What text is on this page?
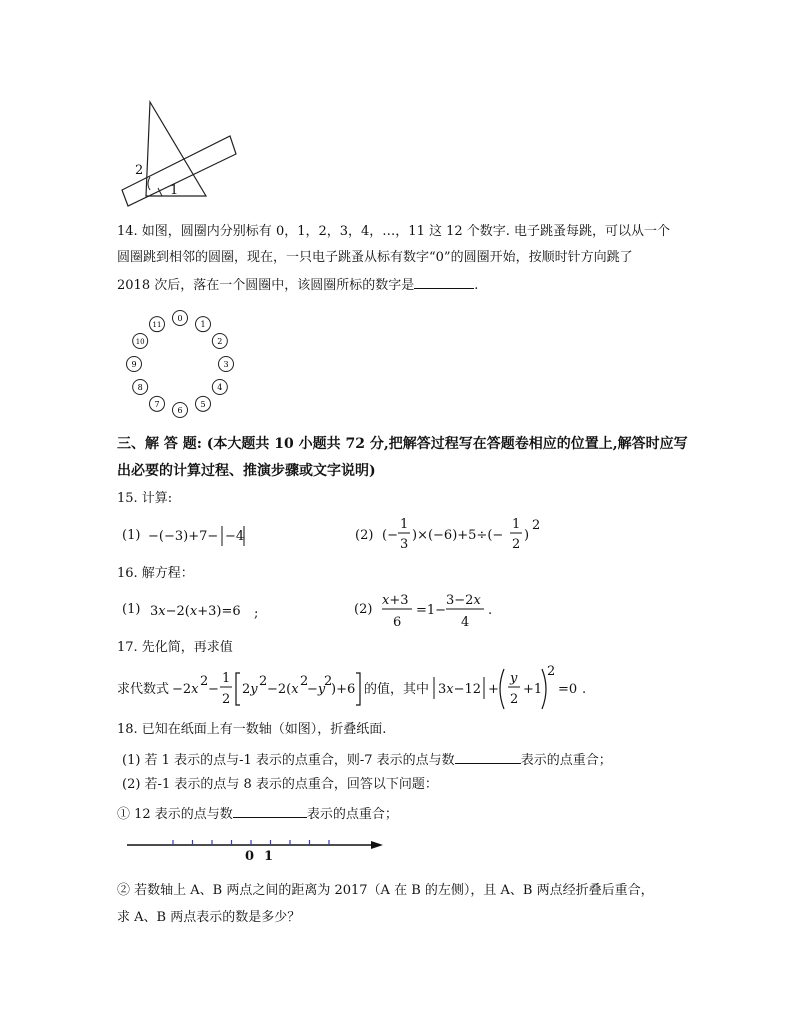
2
1
14. 如图，圆圈内分别标有 0，1，2，3，4，…，11 这 12 个数字. 电子跳蚤每跳，可以从一个
圆圈跳到相邻的圆圈，现在，一只电子跳蚤从标有数字“0”的圆圈开始，按顺时针方向跳了
2018 次后，落在一个圆圈中，该圆圈所标的数字是	.
0
1
2
3
4
5
6
7
8
9
10
11
三、解 答 题: (本大题共 10 小题共 72 分,把解答过程写在答题卷相应的位置上,解答时应写
出必要的计算过程、推演步骤或文字说明)
15. 计算:
(1) −(−3)+7− −4	(2) (−
1
3
)×(−6)+5÷(−
1
2
)
2
16. 解方程：
(1) 3x−2(x+3)=6 ;	(2)
x+3
6
=1−
3−2x
4
.
17. 先化简，再求值
求代数式 −2x
2
−
1
2
2y
2
−2(x
2
−y
2
)+6 的值，其中 3x−12 +
y
2
+1
2
=0 .
18. 已知在纸面上有一数轴（如图），折叠纸面.
(1) 若 1 表示的点与-1 表示的点重合，则-7 表示的点与数	表示的点重合；
(2) 若-1 表示的点与 8 表示的点重合，回答以下问题：
① 12 表示的点与数	表示的点重合；
0 1
② 若数轴上 A、B 两点之间的距离为 2017（A 在 B 的左侧），且 A、B 两点经折叠后重合，
求 A、B 两点表示的数是多少？
